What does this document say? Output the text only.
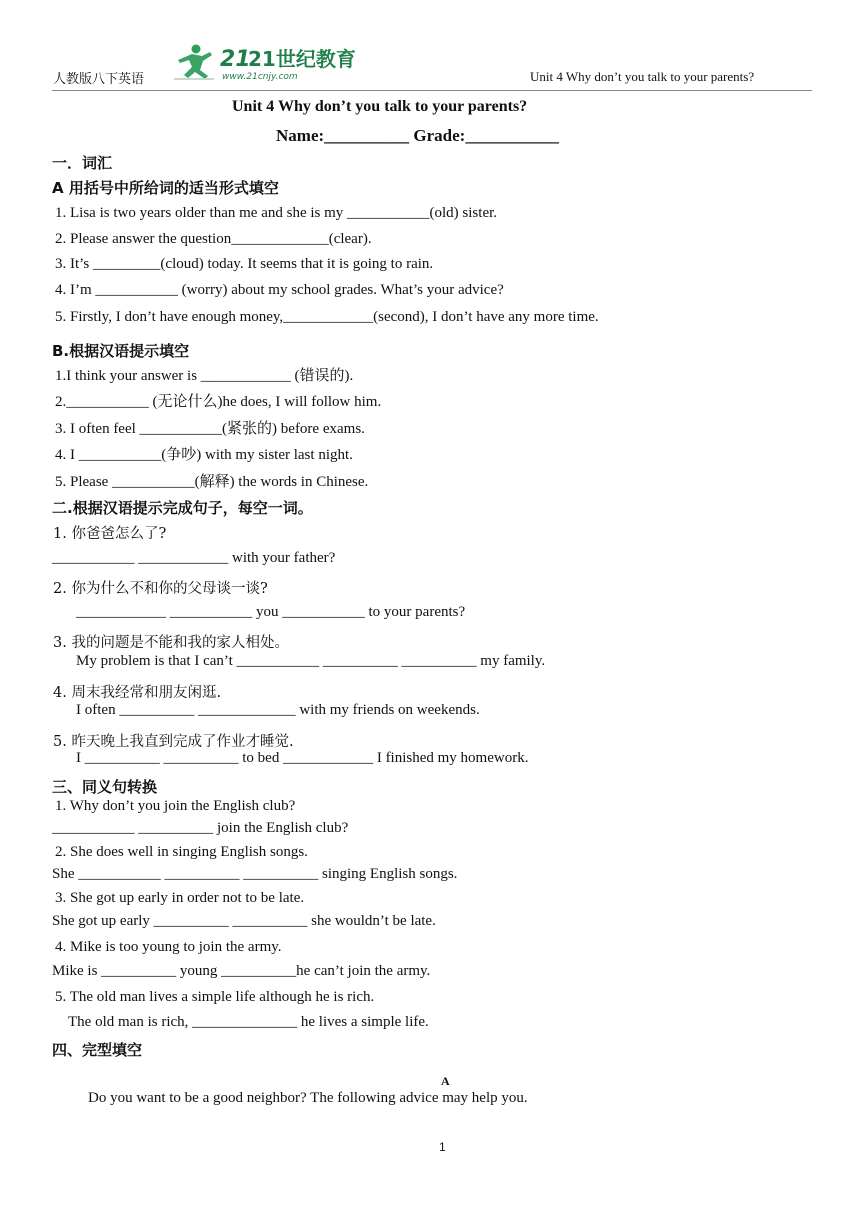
人教版八下英语
21
21世纪教育
www.21cnjy.com	Unit 4 Why don’t you talk to your parents?
Unit 4 Why don’t you talk to your parents?
Name:__________ Grade:___________
一．词汇
A 用括号中所给词的适当形式填空
1. Lisa is two years older than me and she is my ___________(old) sister.
2. Please answer the question_____________(clear).
3. It’s _________(cloud) today. It seems that it is going to rain.
4. I’m ___________ (worry) about my school grades. What’s your advice?
5. Firstly, I don’t have enough money,____________(second), I don’t have any more time.
B.根据汉语提示填空
1.I think your answer is ____________ (错误的).
2.___________ (无论什么)he does, I will follow him.
3. I often feel ___________(紧张的) before exams.
4. I ___________(争吵) with my sister last night.
5. Please ___________(解释) the words in Chinese.
二.根据汉语提示完成句子，每空一词。
1. 你爸爸怎么了?
___________ ____________ with your father?
2. 你为什么不和你的父母谈一谈?
____________ ___________ you ___________ to your parents?
3. 我的问题是不能和我的家人相处。
My problem is that I can’t ___________ __________ __________ my family.
4. 周末我经常和朋友闲逛.
I often __________ _____________ with my friends on weekends.
5. 昨天晚上我直到完成了作业才睡觉.
I __________ __________ to bed ____________ I finished my homework.
三、同义句转换
1. Why don’t you join the English club?
___________ __________ join the English club?
2. She does well in singing English songs.
She ___________ __________ __________ singing English songs.
3. She got up early in order not to be late.
She got up early __________ __________ she wouldn’t be late.
4. Mike is too young to join the army.
Mike is __________ young __________he can’t join the army.
5. The old man lives a simple life although he is rich.
The old man is rich, ______________ he lives a simple life.
四、完型填空
A
Do you want to be a good neighbor? The following advice may help you.
1
